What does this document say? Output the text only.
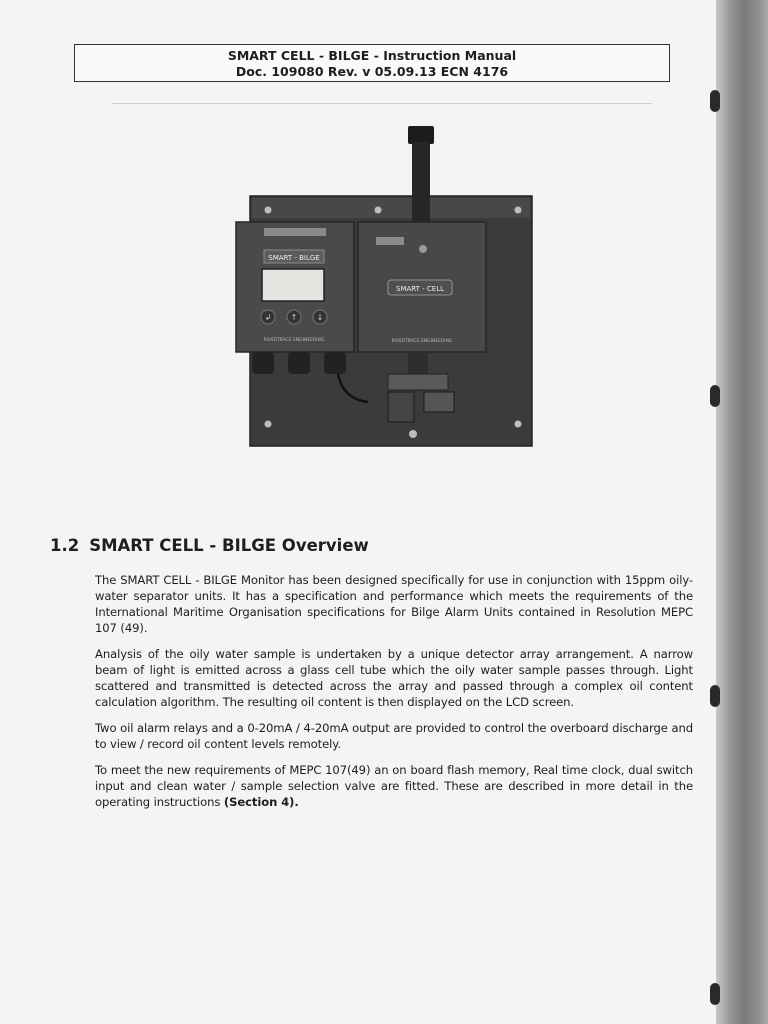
SMART CELL - BILGE - Instruction Manual
Doc. 109080 Rev. v 05.09.13 ECN 4176
SMART - BILGE
↲ ↑ ↓
RIVERTRACE ENGINEERING
SMART - CELL
RIVERTRACE ENGINEERING
1.2 SMART CELL - BILGE Overview

The SMART CELL - BILGE Monitor has been designed specifically for use in conjunction with 15ppm oily-water separator units. It has a specification and performance which meets the requirements of the International Maritime Organisation specifications for Bilge Alarm Units contained in Resolution MEPC 107 (49).

Analysis of the oily water sample is undertaken by a unique detector array arrangement. A narrow beam of light is emitted across a glass cell tube which the oily water sample passes through. Light scattered and transmitted is detected across the array and passed through a complex oil content calculation algorithm. The resulting oil content is then displayed on the LCD screen.

Two oil alarm relays and a 0-20mA / 4-20mA output are provided to control the overboard discharge and to view / record oil content levels remotely.

To meet the new requirements of MEPC 107(49) an on board flash memory, Real time clock, dual switch input and clean water / sample selection valve are fitted. These are described in more detail in the operating instructions (Section 4).
